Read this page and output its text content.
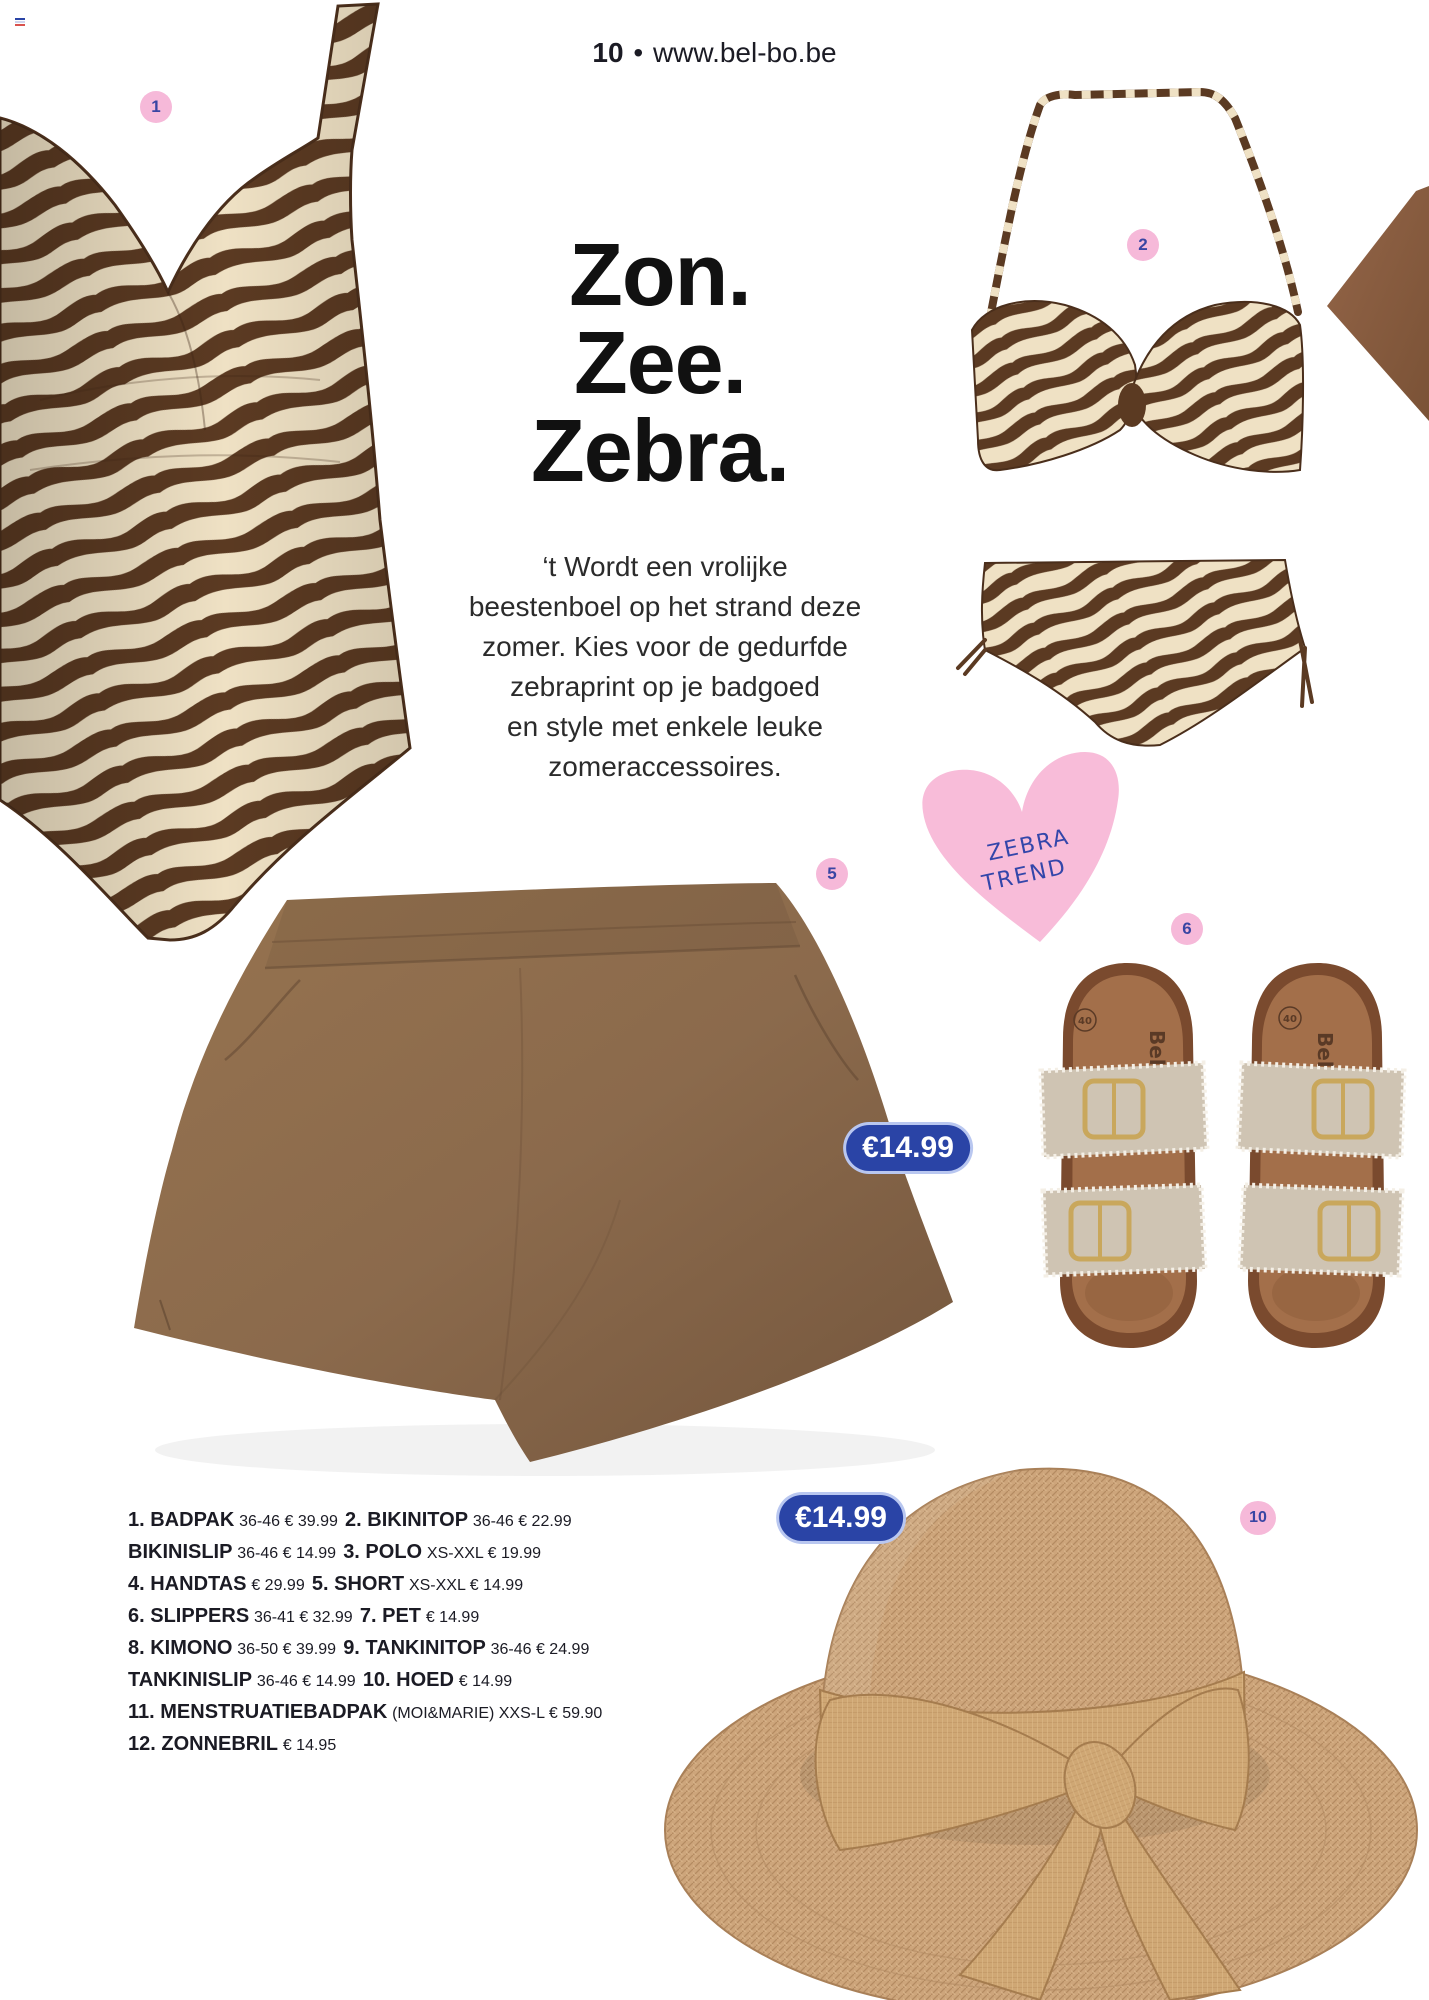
ZEBRA
TREND
40
Bel
40
Bel
10 • www.bel-bo.be
Zon.
Zee.
Zebra.
‘t Wordt een vrolijke
beestenboel op het strand deze
zomer. Kies voor de gedurfde
zebraprint op je badgoed
en style met enkele leuke
zomeraccessoires.
1
2
5
6
10
€14.99
€14.99
1. BADPAK 36-46 € 39.99 2. BIKINITOP 36-46 € 22.99
BIKINISLIP 36-46 € 14.99 3. POLO XS-XXL € 19.99
4. HANDTAS € 29.99 5. SHORT XS-XXL € 14.99
6. SLIPPERS 36-41 € 32.99 7. PET € 14.99
8. KIMONO 36-50 € 39.99 9. TANKINITOP 36-46 € 24.99
TANKINISLIP 36-46 € 14.99 10. HOED € 14.99
11. MENSTRUATIEBADPAK (MOI&MARIE) XXS-L € 59.90
12. ZONNEBRIL € 14.95
